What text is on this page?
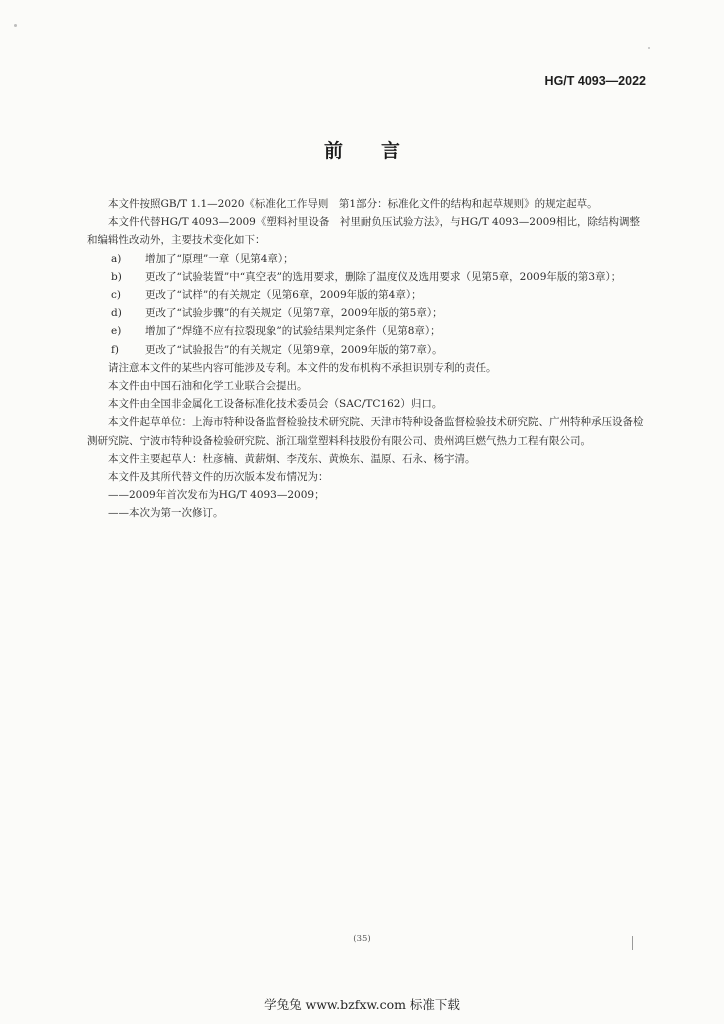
HG/T 4093—2022
前言

本文件按照GB/T 1.1—2020《标准化工作导则　第1部分：标准化文件的结构和起草规则》的规定起草。

本文件代替HG/T 4093—2009《塑料衬里设备　衬里耐负压试验方法》，与HG/T 4093—2009相比，除结构调整和编辑性改动外，主要技术变化如下：

a)	增加了“原理”一章（见第4章）；
b)	更改了“试验装置”中“真空表”的选用要求，删除了温度仪及选用要求（见第5章，2009年版的第3章）；
c)	更改了“试样”的有关规定（见第6章，2009年版的第4章）；
d)	更改了“试验步骤”的有关规定（见第7章，2009年版的第5章）；
e)	增加了“焊缝不应有拉裂现象”的试验结果判定条件（见第8章）；
f)	更改了“试验报告”的有关规定（见第9章，2009年版的第7章）。

请注意本文件的某些内容可能涉及专利。本文件的发布机构不承担识别专利的责任。

本文件由中国石油和化学工业联合会提出。

本文件由全国非金属化工设备标准化技术委员会（SAC/TC162）归口。

本文件起草单位：上海市特种设备监督检验技术研究院、天津市特种设备监督检验技术研究院、广州特种承压设备检测研究院、宁波市特种设备检验研究院、浙江瑞堂塑料科技股份有限公司、贵州鸿巨燃气热力工程有限公司。

本文件主要起草人：杜彦楠、黄薪炯、李茂东、黄焕东、温原、石永、杨宇清。

本文件及其所代替文件的历次版本发布情况为：

——2009年首次发布为HG/T 4093—2009；

——本次为第一次修订。

(35)
学兔兔 www.bzfxw.com 标准下载
